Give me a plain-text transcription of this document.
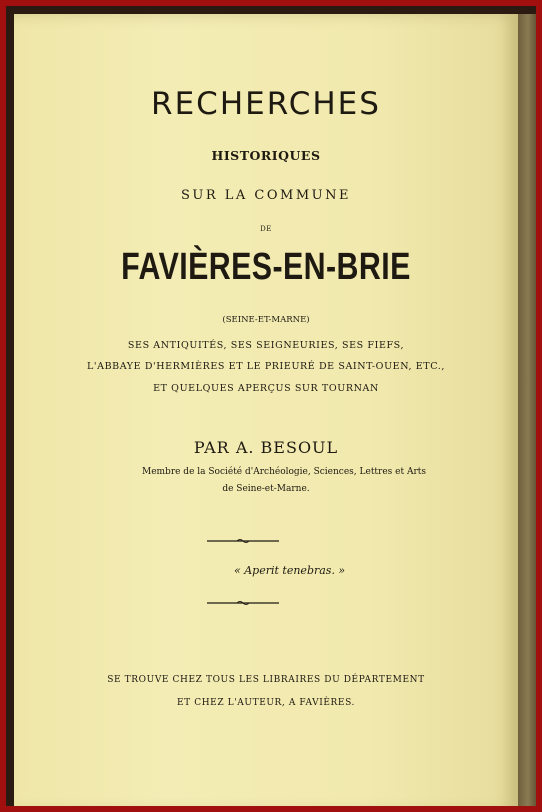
RECHERCHES
HISTORIQUES
SUR LA COMMUNE
DE
FAVIÈRES-EN-BRIE
(SEINE-ET-MARNE)
SES ANTIQUITÉS, SES SEIGNEURIES, SES FIEFS,
L'ABBAYE D'HERMIÈRES ET LE PRIEURÉ DE SAINT-OUEN, ETC.,
ET QUELQUES APERÇUS SUR TOURNAN
PAR A. BESOUL
Membre de la Société d'Archéologie, Sciences, Lettres et Arts
de Seine-et-Marne.
« Aperit tenebras. »
SE TROUVE CHEZ TOUS LES LIBRAIRES DU DÉPARTEMENT
ET CHEZ L'AUTEUR, A FAVIÈRES.
